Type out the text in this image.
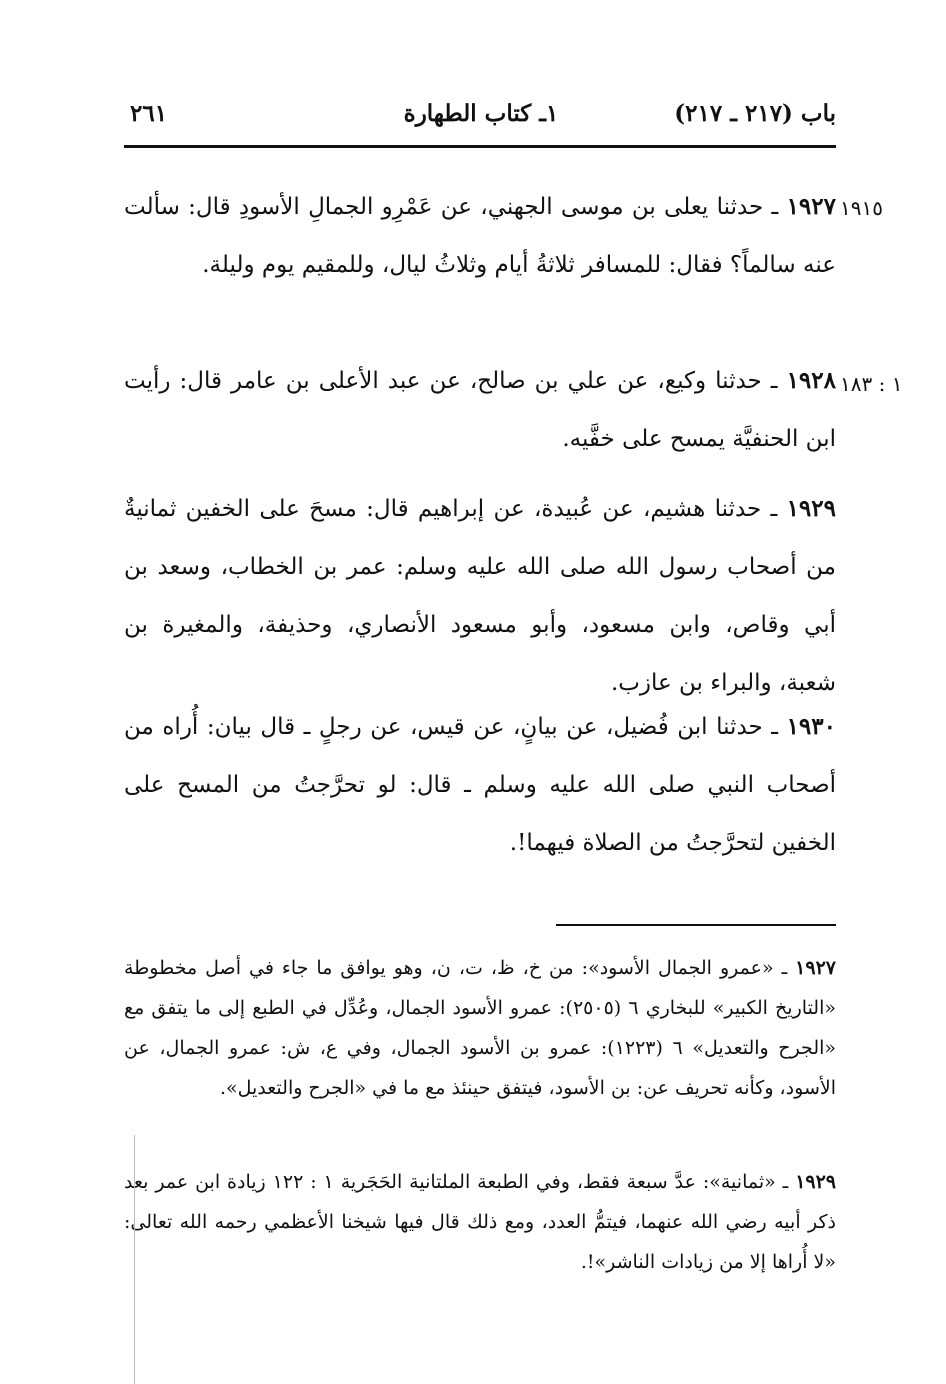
باب (٢١٧ ـ ٢١٧)
١ـ كتاب الطهارة
٢٦١
١٩١٥
١٩٢٧ ـ حدثنا يعلى بن موسى الجهني، عن عَمْرِو الجمالِ الأسودِ قال: سألت عنه سالماً؟ فقال: للمسافر ثلاثةُ أيام وثلاثُ ليال، وللمقيم يوم وليلة.
١ : ١٨٣
١٩٢٨ ـ حدثنا وكيع، عن علي بن صالح، عن عبد الأعلى بن عامر قال: رأيت ابن الحنفيَّة يمسح على خفَّيه.
١٩٢٩ ـ حدثنا هشيم، عن عُبيدة، عن إبراهيم قال: مسحَ على الخفين ثمانيةٌ من أصحاب رسول الله صلى الله عليه وسلم: عمر بن الخطاب، وسعد بن أبي وقاص، وابن مسعود، وأبو مسعود الأنصاري، وحذيفة، والمغيرة بن شعبة، والبراء بن عازب.
١٩٣٠ ـ حدثنا ابن فُضيل، عن بيانٍ، عن قيس، عن رجلٍ ـ قال بيان: أُراه من أصحاب النبي صلى الله عليه وسلم ـ قال: لو تحرَّجتُ من المسح على الخفين لتحرَّجتُ من الصلاة فيهما!.
١٩٢٧ ـ «عمرو الجمال الأسود»: من خ، ظ، ت، ن، وهو يوافق ما جاء في أصل مخطوطة «التاريخ الكبير» للبخاري ٦ (٢٥٠٥): عمرو الأسود الجمال، وعُدِّل في الطبع إلى ما يتفق مع «الجرح والتعديل» ٦ (١٢٢٣): عمرو بن الأسود الجمال، وفي ع، ش: عمرو الجمال، عن الأسود، وكأنه تحريف عن: بن الأسود، فيتفق حينئذ مع ما في «الجرح والتعديل».
١٩٢٩ ـ «ثمانية»: عدَّ سبعة فقط، وفي الطبعة الملتانية الحَجَرية ١ : ١٢٢ زيادة ابن عمر بعد ذكر أبيه رضي الله عنهما، فيتمُّ العدد، ومع ذلك قال فيها شيخنا الأعظمي رحمه الله تعالى: «لا أُراها إلا من زيادات الناشر»!.
